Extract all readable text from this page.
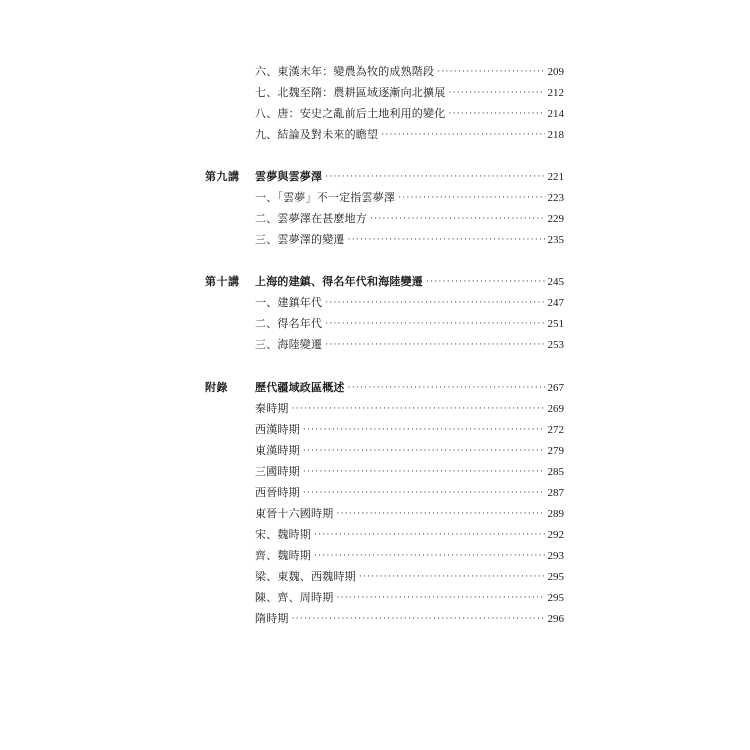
六、東漢末年：變農為牧的成熟階段 ·····	209
七、北魏至隋：農耕區域逐漸向北擴展 ·····	212
八、唐：安史之亂前后土地利用的變化 ·····	214
九、結論及對未來的瞻望 ·····	218
第九講	雲夢與雲夢澤 ·····	221
一、「雲夢」不一定指雲夢澤 ·····	223
二、雲夢澤在甚麼地方 ·····	229
三、雲夢澤的變遷 ·····	235
第十講	上海的建鎮、得名年代和海陸變遷 ·····	245
一、建鎮年代 ·····	247
二、得名年代 ·····	251
三、海陸變遷 ·····	253
附錄	歷代疆域政區概述 ·····	267
秦時期 ·····	269
西漢時期 ·····	272
東漢時期 ·····	279
三國時期 ·····	285
西晉時期 ·····	287
東晉十六國時期 ·····	289
宋、魏時期 ·····	292
齊、魏時期 ·····	293
梁、東魏、西魏時期 ·····	295
陳、齊、周時期 ·····	295
隋時期 ·····	296
